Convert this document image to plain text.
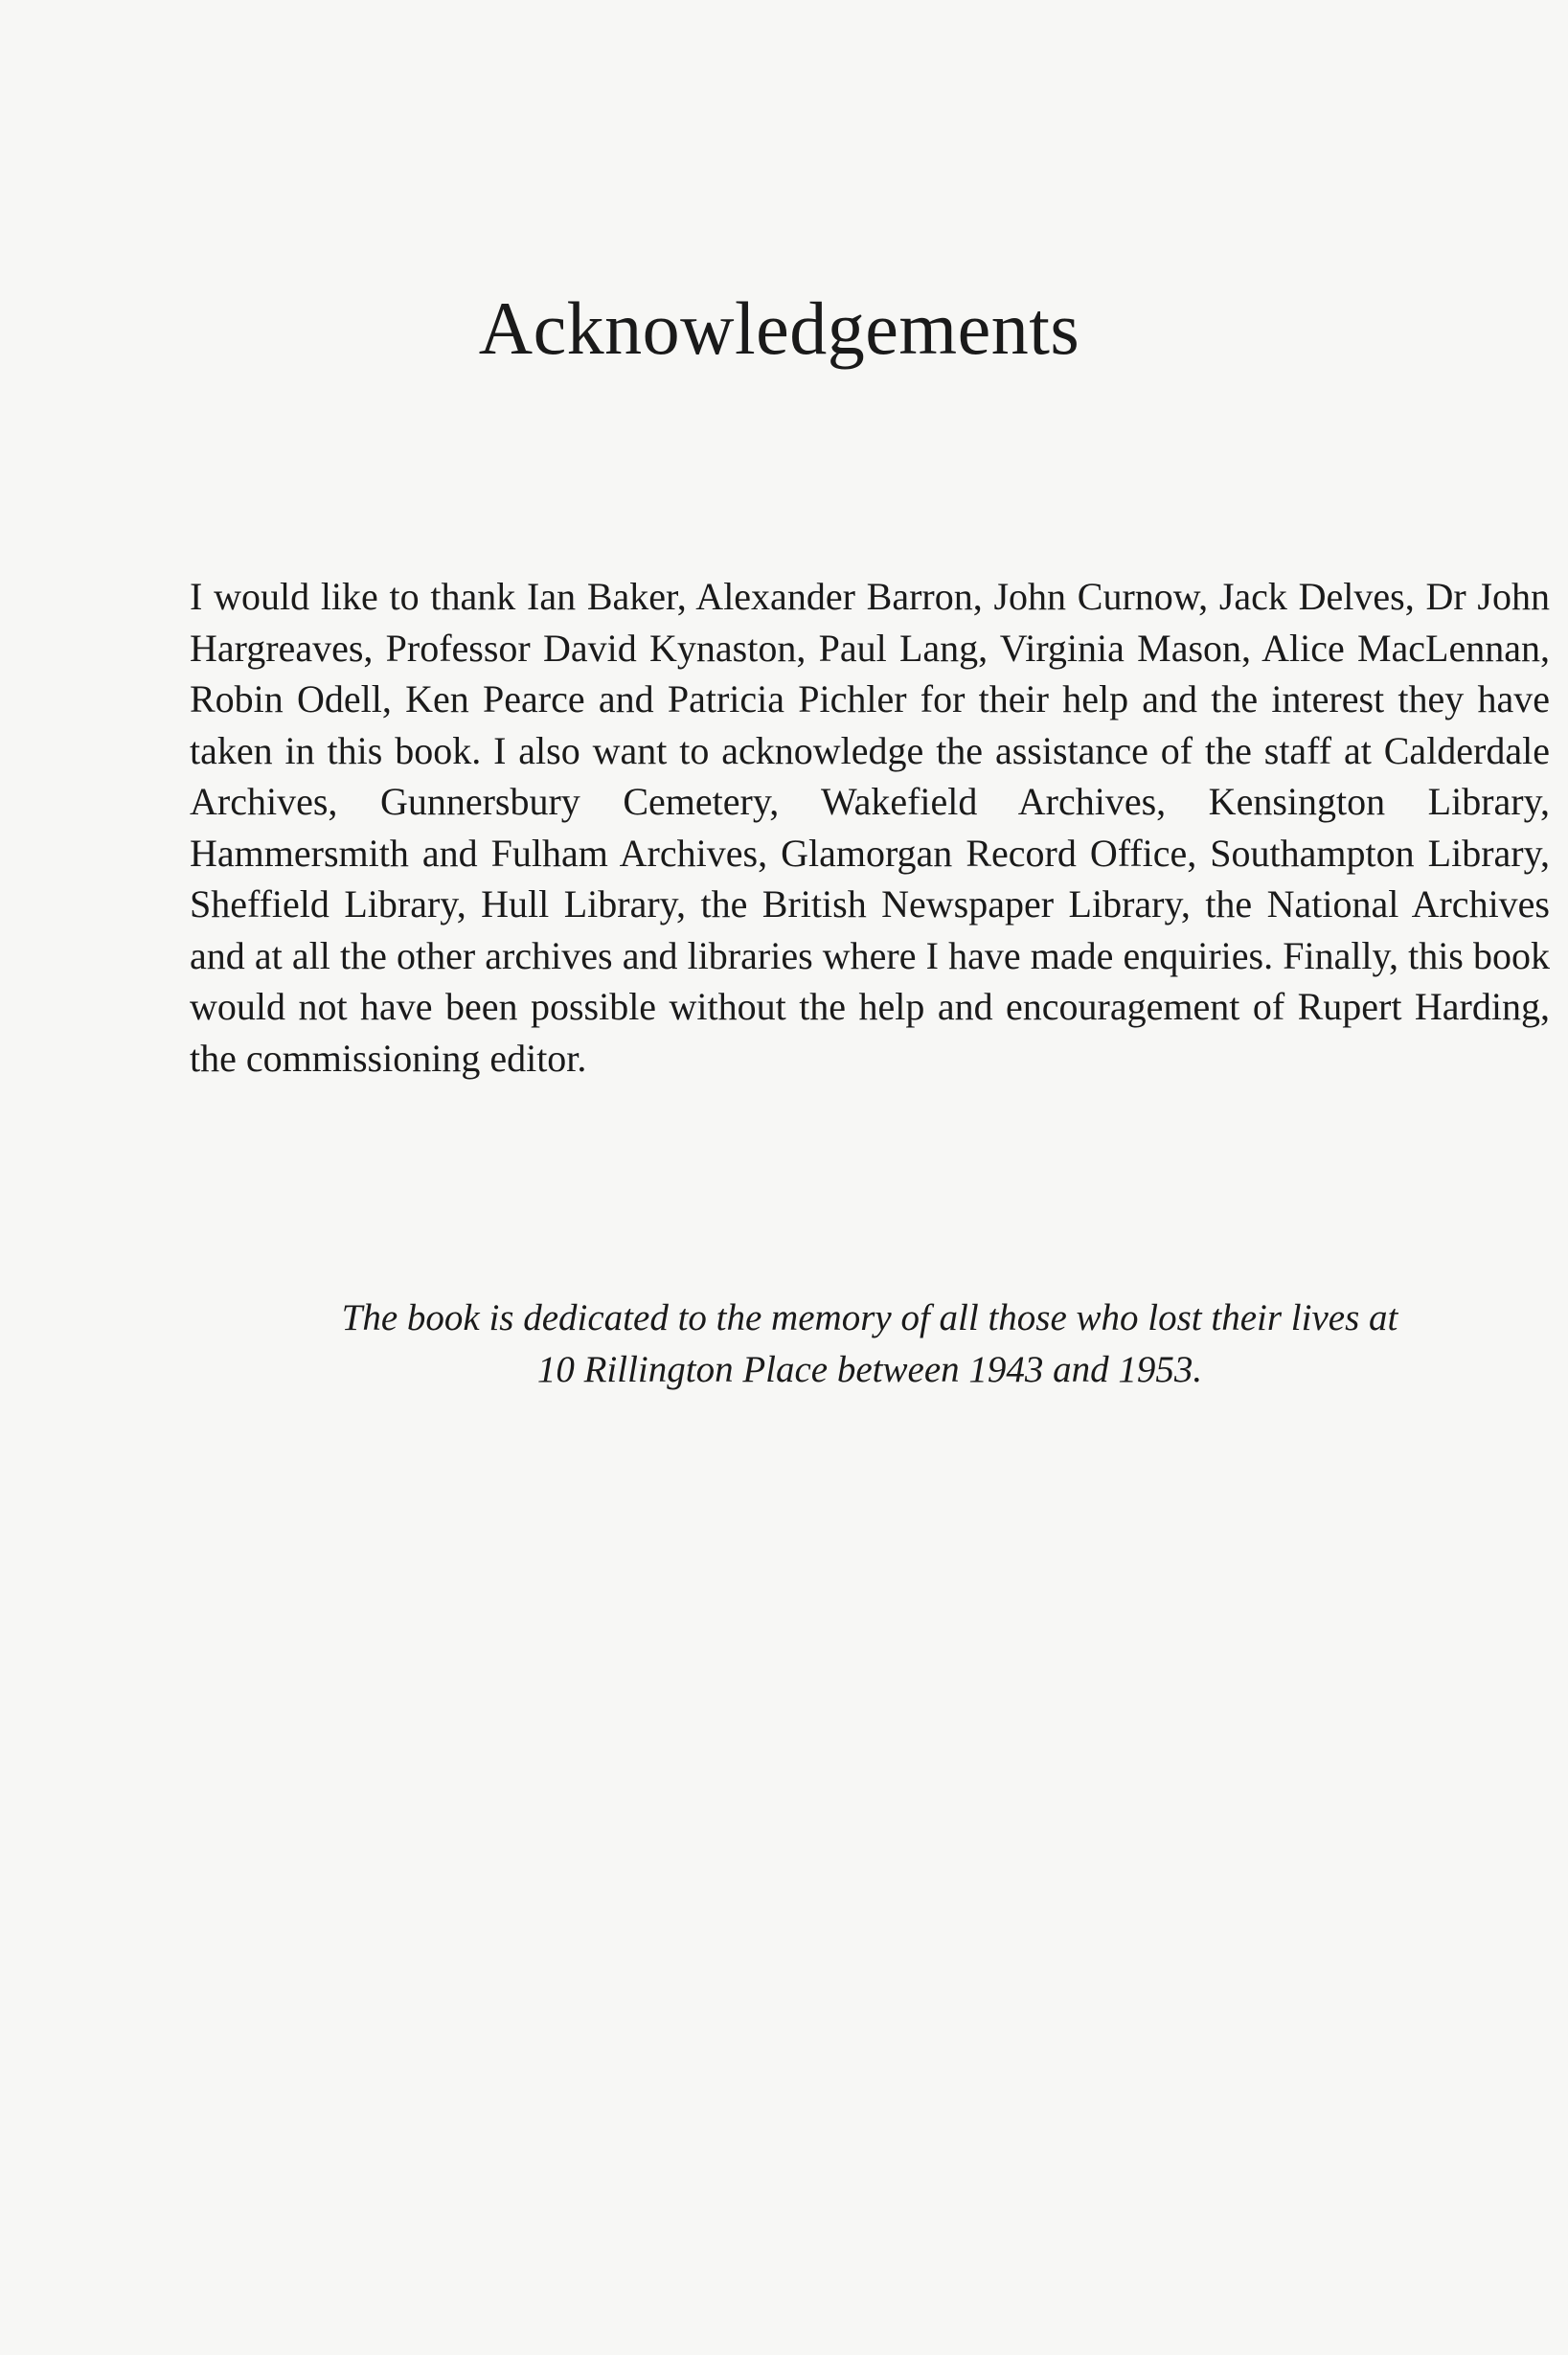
Acknowledgements

I would like to thank Ian Baker, Alexander Barron, John Curnow, Jack Delves, Dr John Hargreaves, Professor David Kynaston, Paul Lang, Virginia Mason, Alice MacLennan, Robin Odell, Ken Pearce and Patricia Pichler for their help and the interest they have taken in this book. I also want to acknowledge the assistance of the staff at Calderdale Archives, Gunnersbury Cemetery, Wakefield Archives, Kensington Library, Hammersmith and Fulham Archives, Glamorgan Record Office, Southampton Library, Sheffield Library, Hull Library, the British Newspaper Library, the National Archives and at all the other archives and libraries where I have made enquiries. Finally, this book would not have been possible without the help and encouragement of Rupert Harding, the commissioning editor.

The book is dedicated to the memory of all those who lost their lives at
10 Rillington Place between 1943 and 1953.
